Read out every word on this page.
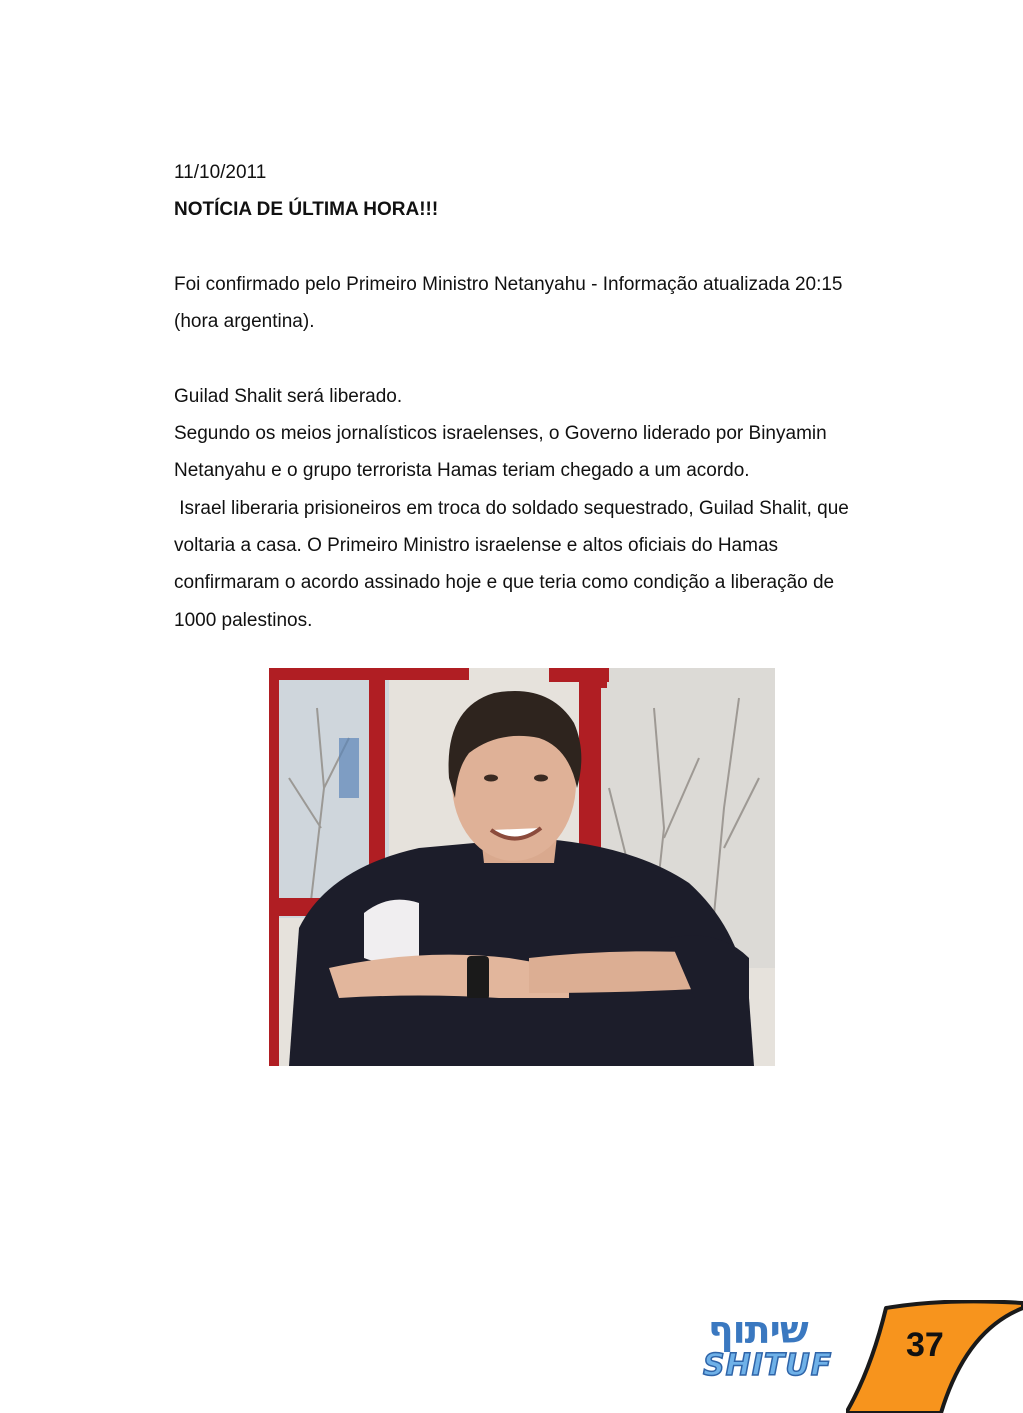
11/10/2011
NOTÍCIA DE ÚLTIMA HORA!!!
Foi confirmado pelo Primeiro Ministro Netanyahu - Informação atualizada 20:15
(hora argentina).
Guilad Shalit será liberado.
Segundo os meios jornalísticos israelenses, o Governo liderado por Binyamin
Netanyahu e o grupo terrorista Hamas teriam chegado a um acordo.
Israel liberaria prisioneiros em troca do soldado sequestrado, Guilad Shalit, que
voltaria a casa. O Primeiro Ministro israelense e altos oficiais do Hamas
confirmaram o acordo assinado hoje e que teria como condição a liberação de
1000 palestinos.
שיתוף
SHITUF
37
